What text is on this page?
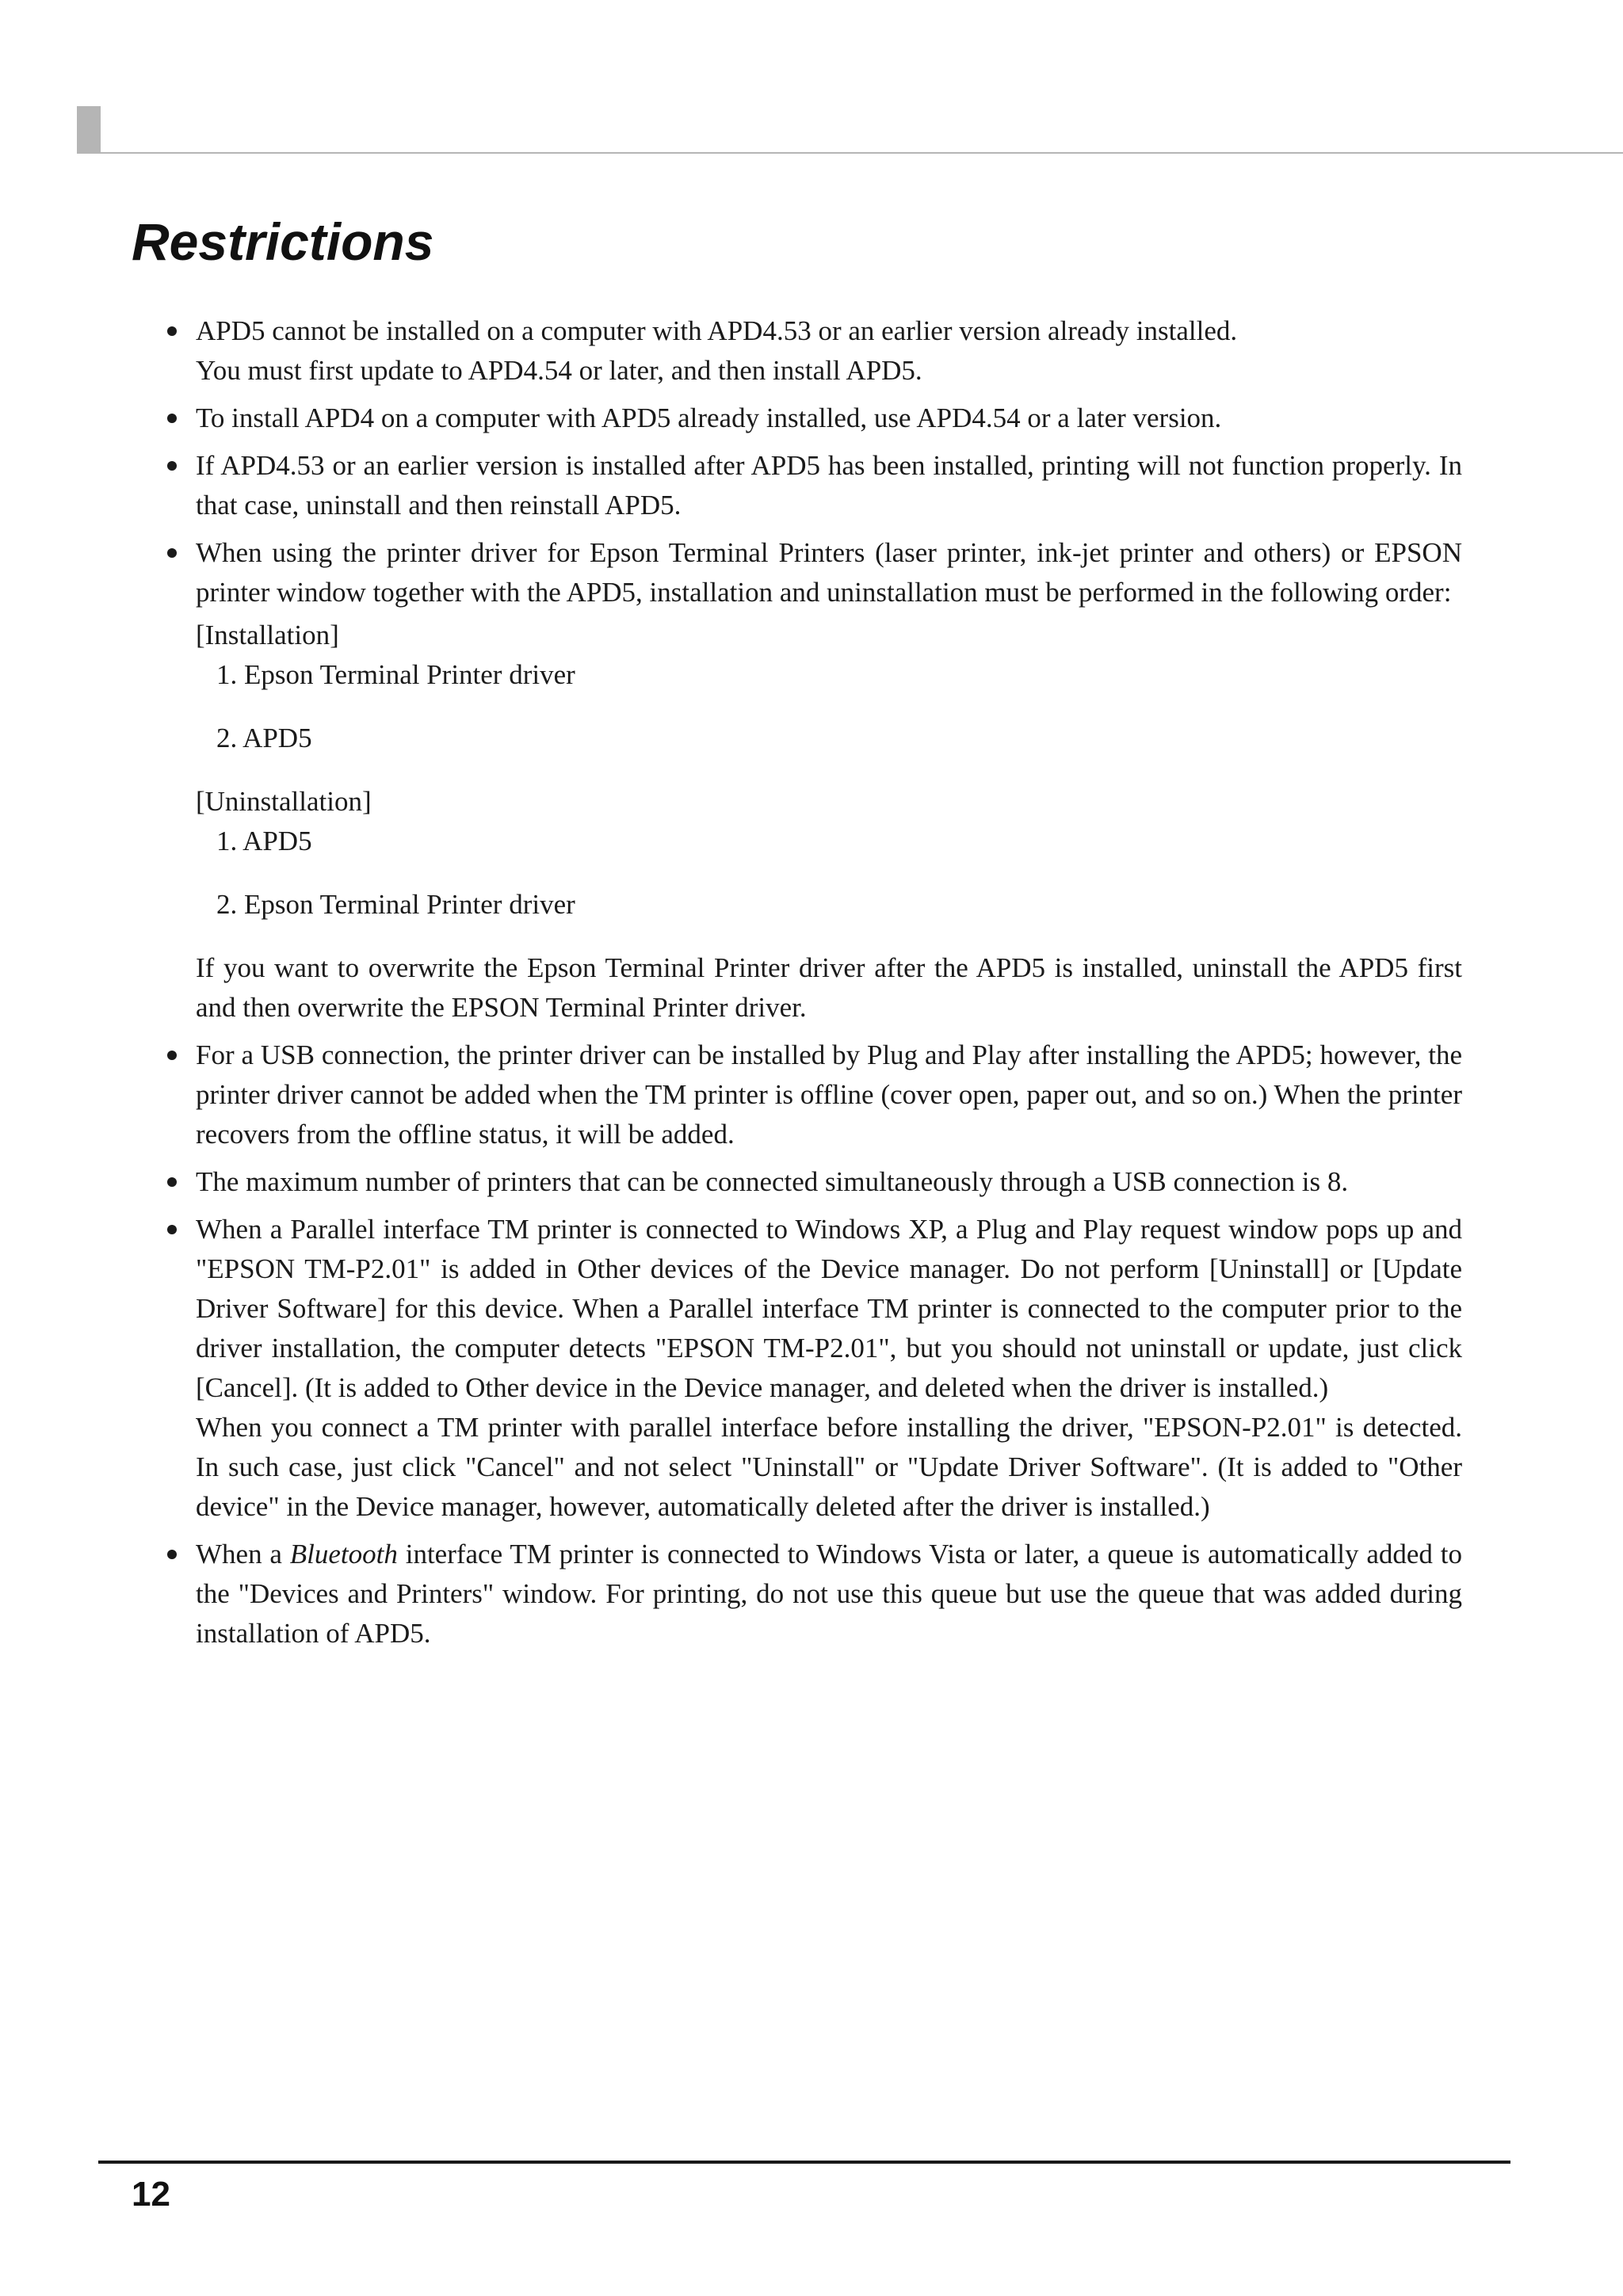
Restrictions
APD5 cannot be installed on a computer with APD4.53 or an earlier version already installed.
You must first update to APD4.54 or later, and then install APD5.
To install APD4 on a computer with APD5 already installed, use APD4.54 or a later version.
If APD4.53 or an earlier version is installed after APD5 has been installed, printing will not function properly. In that case, uninstall and then reinstall APD5.
When using the printer driver for Epson Terminal Printers (laser printer, ink-jet printer and others) or EPSON printer window together with the APD5, installation and uninstallation must be performed in the following order:
[Installation]
1. Epson Terminal Printer driver
2. APD5
[Uninstallation]
1. APD5
2. Epson Terminal Printer driver
If you want to overwrite the Epson Terminal Printer driver after the APD5 is installed, uninstall the APD5 first and then overwrite the EPSON Terminal Printer driver.
For a USB connection, the printer driver can be installed by Plug and Play after installing the APD5; however, the printer driver cannot be added when the TM printer is offline (cover open, paper out, and so on.) When the printer recovers from the offline status, it will be added.
The maximum number of printers that can be connected simultaneously through a USB connection is 8.
When a Parallel interface TM printer is connected to Windows XP, a Plug and Play request window pops up and "EPSON TM-P2.01" is added in Other devices of the Device manager. Do not perform [Uninstall] or [Update Driver Software] for this device. When a Parallel interface TM printer is connected to the computer prior to the driver installation, the computer detects "EPSON TM-P2.01", but you should not uninstall or update, just click [Cancel]. (It is added to Other device in the Device manager, and deleted when the driver is installed.)
When you connect a TM printer with parallel interface before installing the driver, "EPSON-P2.01" is detected. In such case, just click "Cancel" and not select "Uninstall" or "Update Driver Software". (It is added to "Other device" in the Device manager, however, automatically deleted after the driver is installed.)
When a Bluetooth interface TM printer is connected to Windows Vista or later, a queue is automatically added to the "Devices and Printers" window. For printing, do not use this queue but use the queue that was added during installation of APD5.
12
